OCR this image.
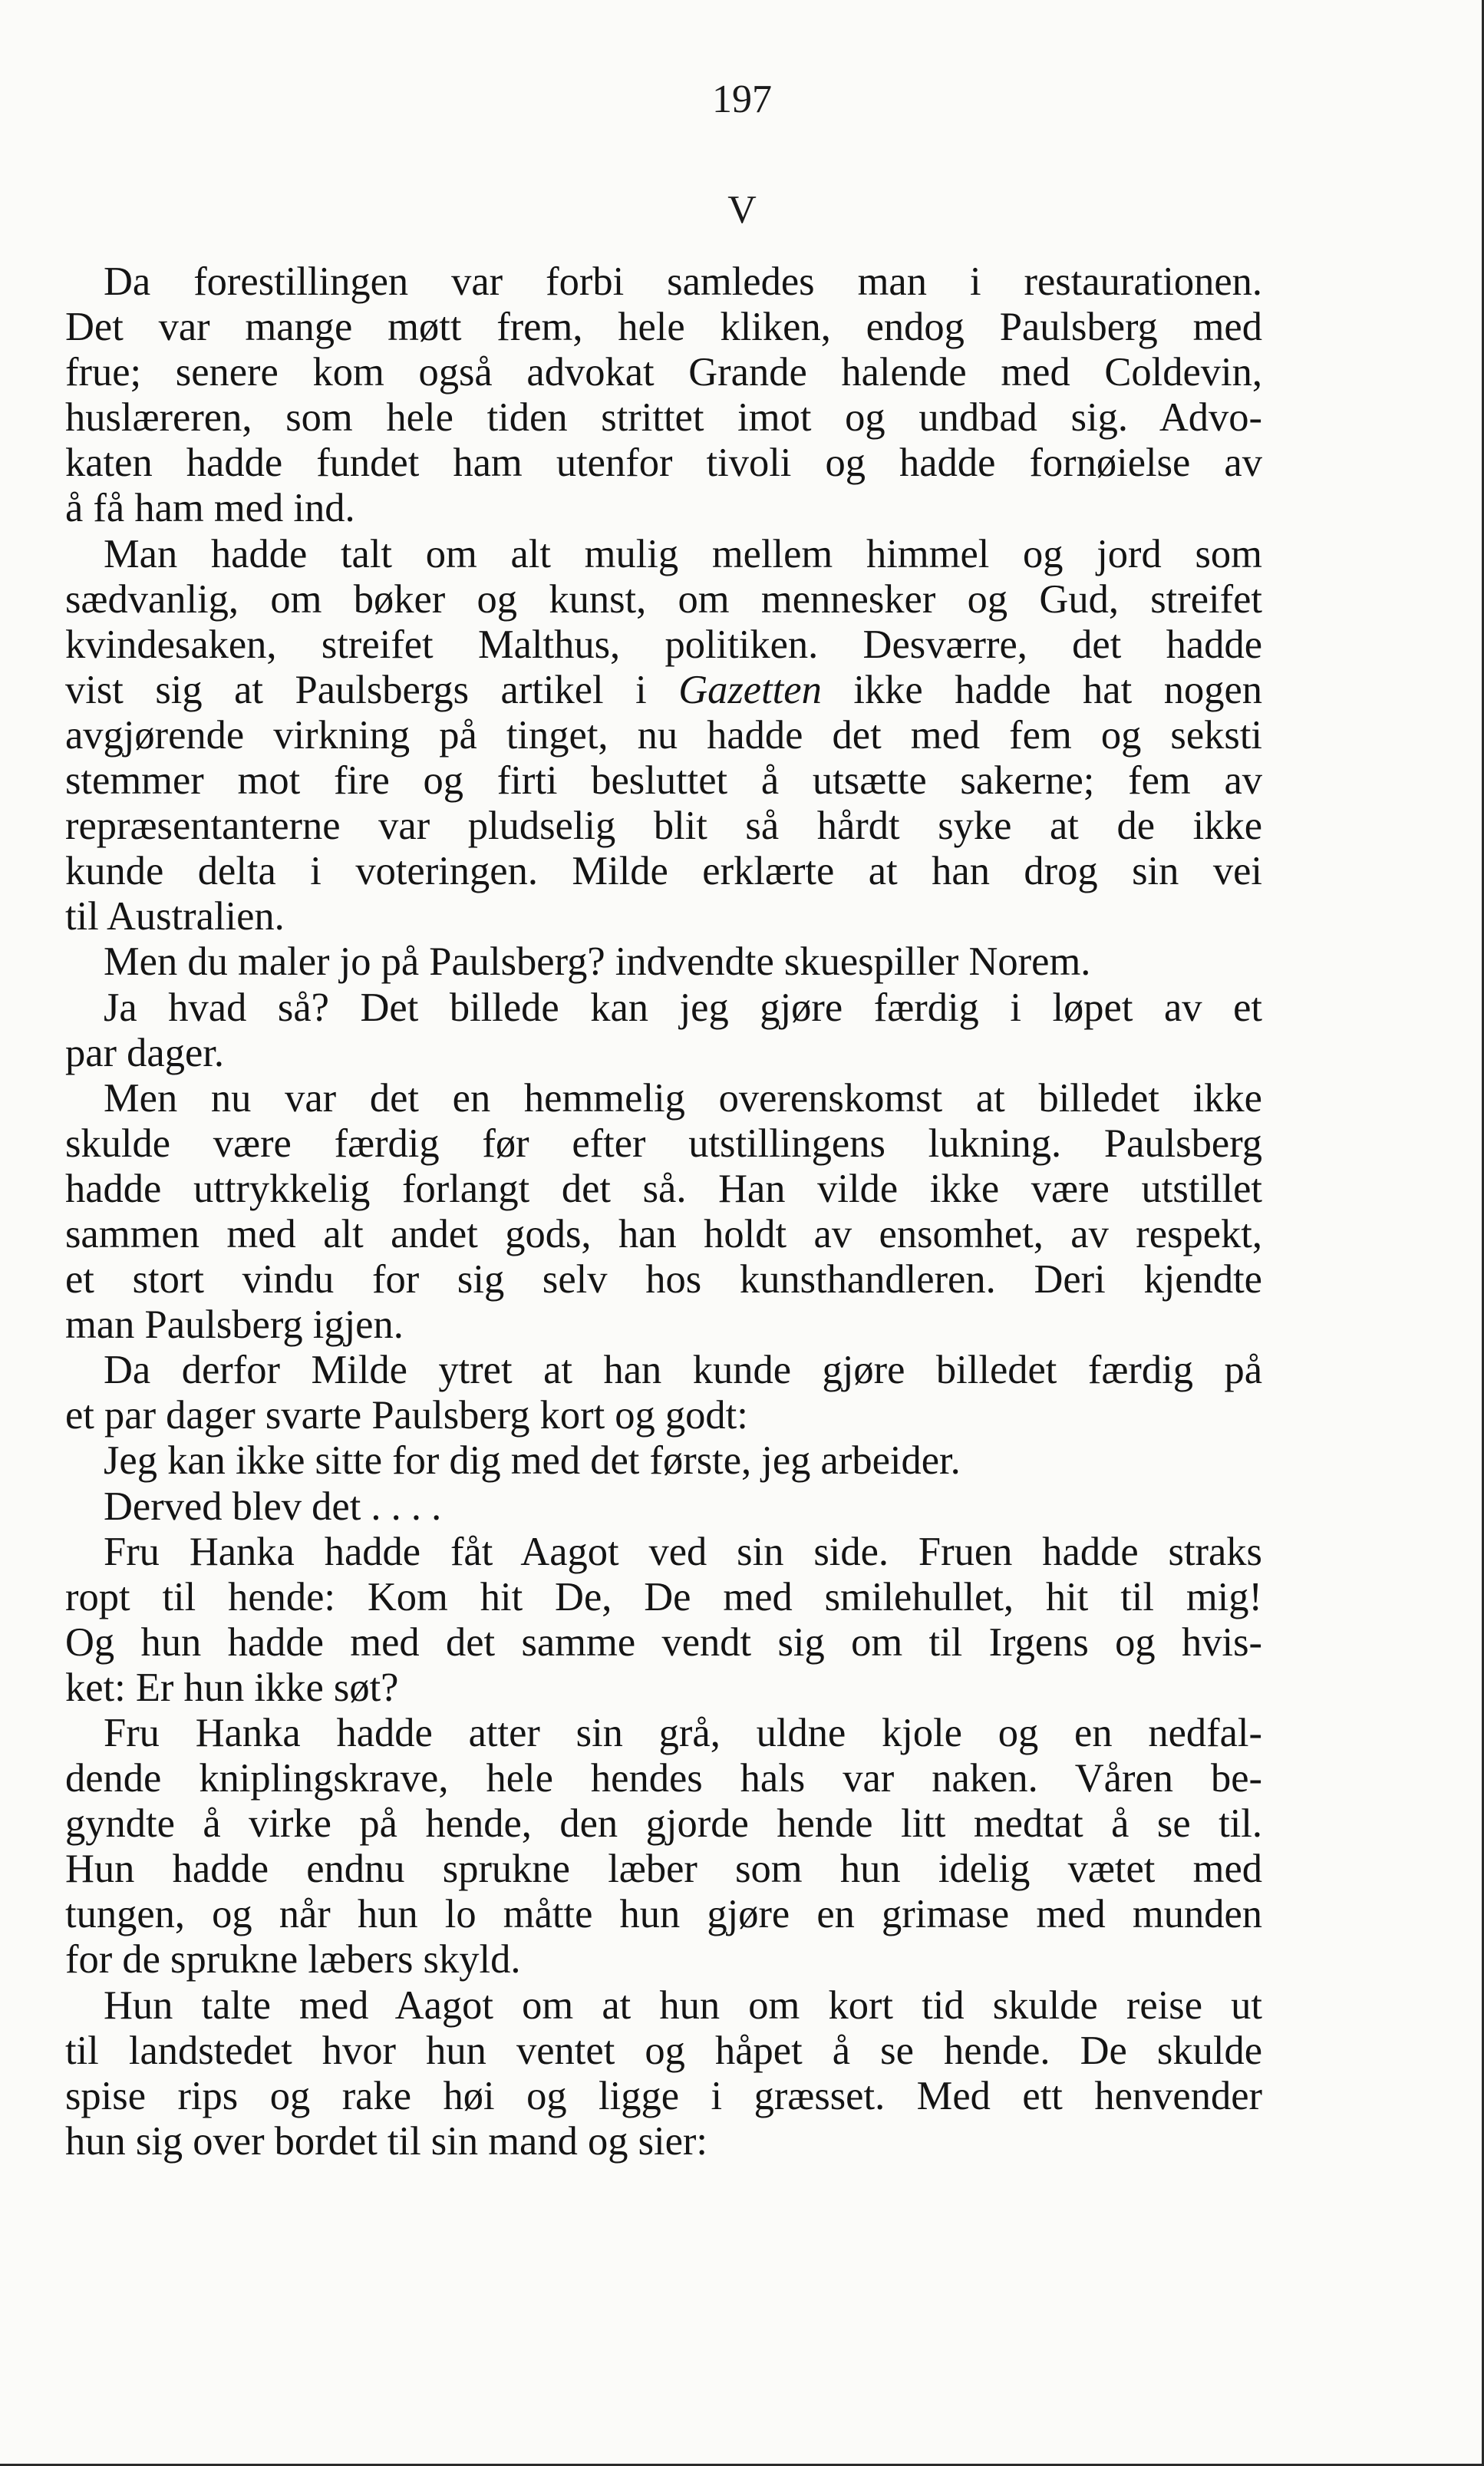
197
V
Da forestillingen var forbi samledes man i restaurationen.
Det var mange møtt frem, hele kliken, endog Paulsberg med
frue; senere kom også advokat Grande halende med Coldevin,
huslæreren, som hele tiden strittet imot og undbad sig. Advo-
katen hadde fundet ham utenfor tivoli og hadde fornøielse av
å få ham med ind.
Man hadde talt om alt mulig mellem himmel og jord som
sædvanlig, om bøker og kunst, om mennesker og Gud, streifet
kvindesaken, streifet Malthus, politiken. Desværre, det hadde
vist sig at Paulsbergs artikel i Gazetten ikke hadde hat nogen
avgjørende virkning på tinget, nu hadde det med fem og seksti
stemmer mot fire og firti besluttet å utsætte sakerne; fem av
repræsentanterne var pludselig blit så hårdt syke at de ikke
kunde delta i voteringen. Milde erklærte at han drog sin vei
til Australien.
Men du maler jo på Paulsberg? indvendte skuespiller Norem.
Ja hvad så? Det billede kan jeg gjøre færdig i løpet av et
par dager.
Men nu var det en hemmelig overenskomst at billedet ikke
skulde være færdig før efter utstillingens lukning. Paulsberg
hadde uttrykkelig forlangt det så. Han vilde ikke være utstillet
sammen med alt andet gods, han holdt av ensomhet, av respekt,
et stort vindu for sig selv hos kunsthandleren. Deri kjendte
man Paulsberg igjen.
Da derfor Milde ytret at han kunde gjøre billedet færdig på
et par dager svarte Paulsberg kort og godt:
Jeg kan ikke sitte for dig med det første, jeg arbeider.
Derved blev det . . . .
Fru Hanka hadde fåt Aagot ved sin side. Fruen hadde straks
ropt til hende: Kom hit De, De med smilehullet, hit til mig!
Og hun hadde med det samme vendt sig om til Irgens og hvis-
ket: Er hun ikke søt?
Fru Hanka hadde atter sin grå, uldne kjole og en nedfal-
dende kniplingskrave, hele hendes hals var naken. Våren be-
gyndte å virke på hende, den gjorde hende litt medtat å se til.
Hun hadde endnu sprukne læber som hun idelig vætet med
tungen, og når hun lo måtte hun gjøre en grimase med munden
for de sprukne læbers skyld.
Hun talte med Aagot om at hun om kort tid skulde reise ut
til landstedet hvor hun ventet og håpet å se hende. De skulde
spise rips og rake høi og ligge i græsset. Med ett henvender
hun sig over bordet til sin mand og sier:
